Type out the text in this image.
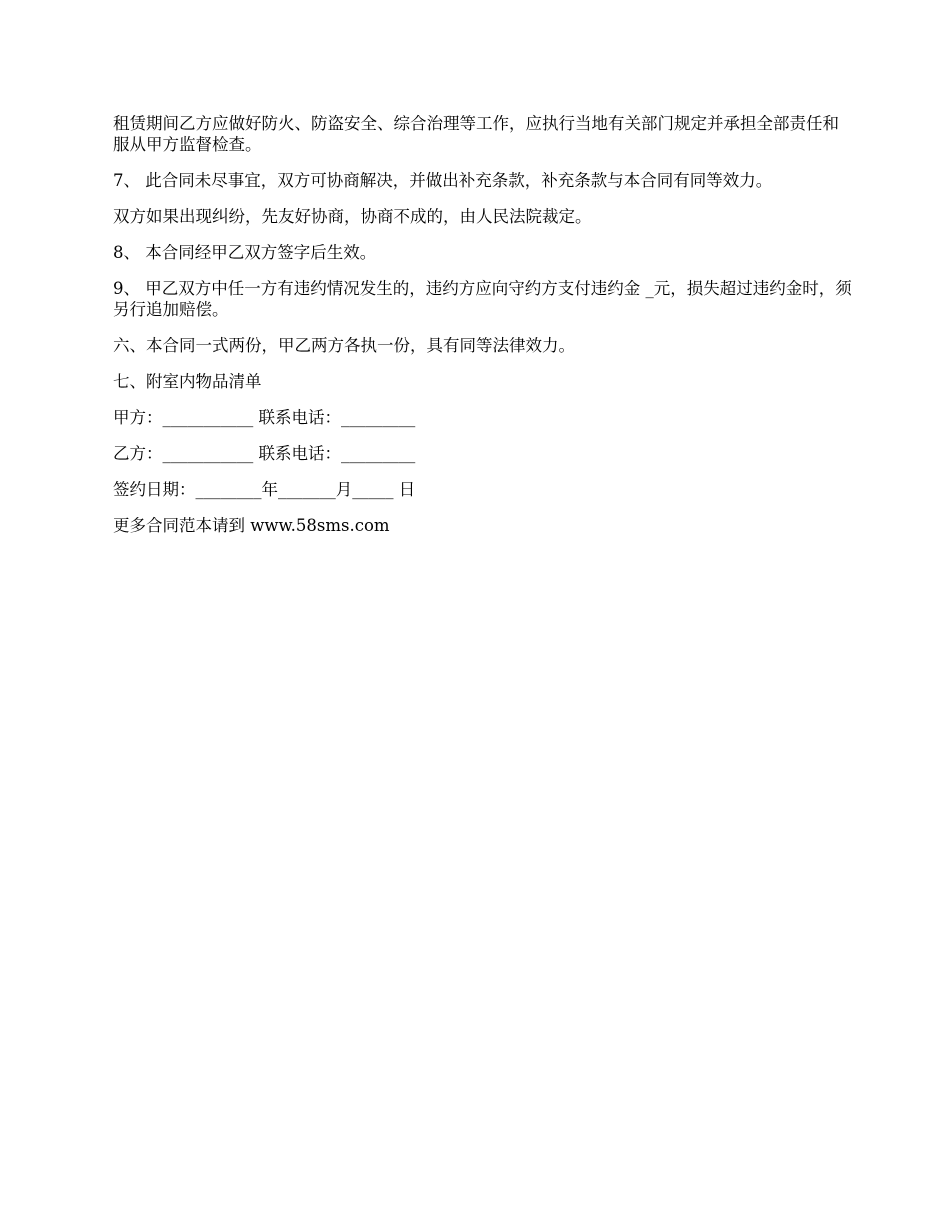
租赁期间乙方应做好防火、防盗安全、综合治理等工作，应执行当地有关部门规定并承担全部责任和服从甲方监督检查。

7、 此合同未尽事宜，双方可协商解决，并做出补充条款，补充条款与本合同有同等效力。

双方如果出现纠纷，先友好协商，协商不成的，由人民法院裁定。

8、 本合同经甲乙双方签字后生效。

9、 甲乙双方中任一方有违约情况发生的，违约方应向守约方支付违约金 _元，损失超过违约金时，须另行追加赔偿。

六、本合同一式两份，甲乙两方各执一份，具有同等法律效力。

七、附室内物品清单

甲方：___________ 联系电话：_________

乙方：___________ 联系电话：_________

签约日期：________年_______月_____ 日

更多合同范本请到 www.58sms.com
